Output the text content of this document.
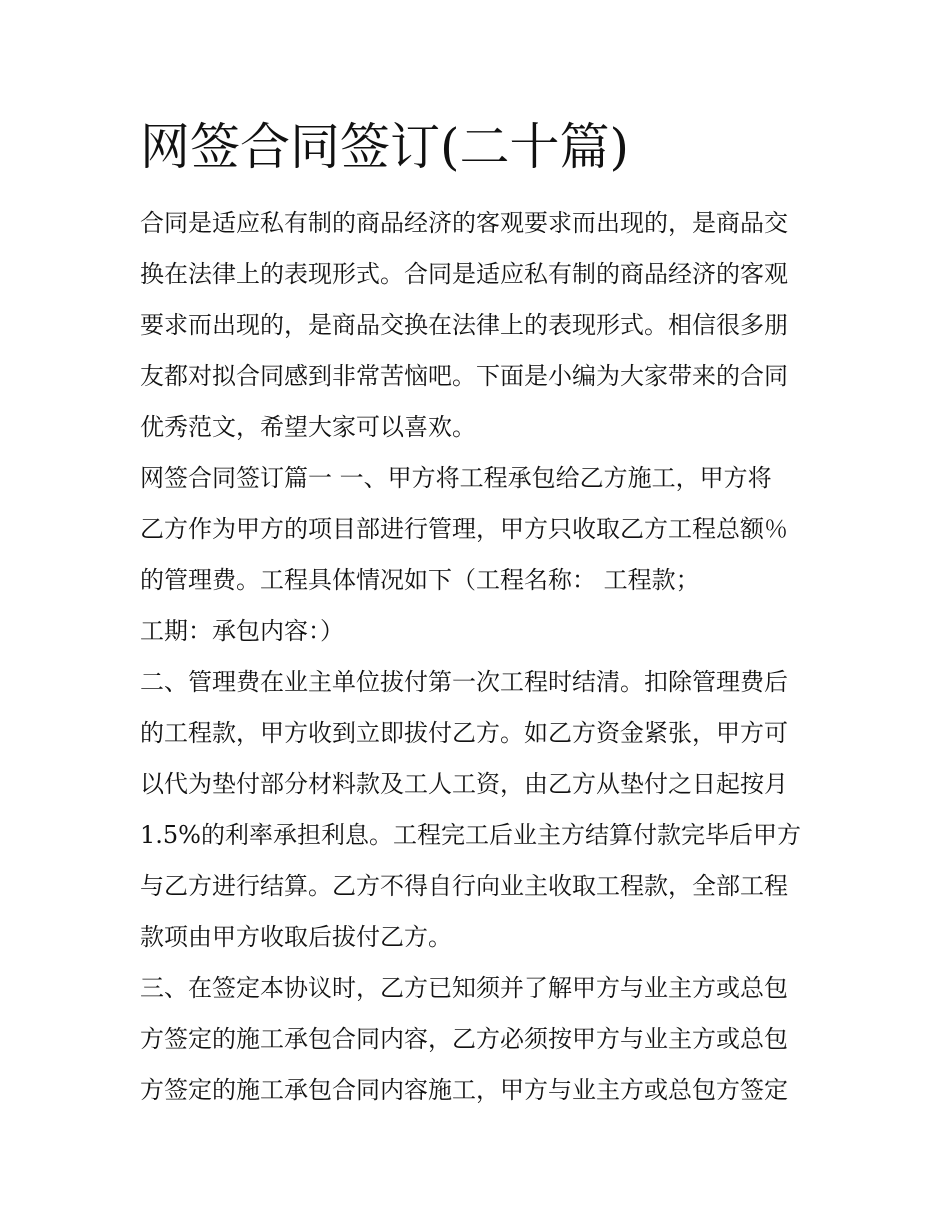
网签合同签订(二十篇)
合同是适应私有制的商品经济的客观要求而出现的，是商品交
换在法律上的表现形式。合同是适应私有制的商品经济的客观
要求而出现的，是商品交换在法律上的表现形式。相信很多朋
友都对拟合同感到非常苦恼吧。下面是小编为大家带来的合同
优秀范文，希望大家可以喜欢。
网签合同签订篇一 一、甲方将工程承包给乙方施工，甲方将
乙方作为甲方的项目部进行管理，甲方只收取乙方工程总额％
的管理费。工程具体情况如下（工程名称： 工程款；
工期：承包内容：）
二、管理费在业主单位拔付第一次工程时结清。扣除管理费后
的工程款，甲方收到立即拔付乙方。如乙方资金紧张，甲方可
以代为垫付部分材料款及工人工资，由乙方从垫付之日起按月
1.5%的利率承担利息。工程完工后业主方结算付款完毕后甲方
与乙方进行结算。乙方不得自行向业主收取工程款，全部工程
款项由甲方收取后拔付乙方。
三、在签定本协议时，乙方已知须并了解甲方与业主方或总包
方签定的施工承包合同内容，乙方必须按甲方与业主方或总包
方签定的施工承包合同内容施工，甲方与业主方或总包方签定
